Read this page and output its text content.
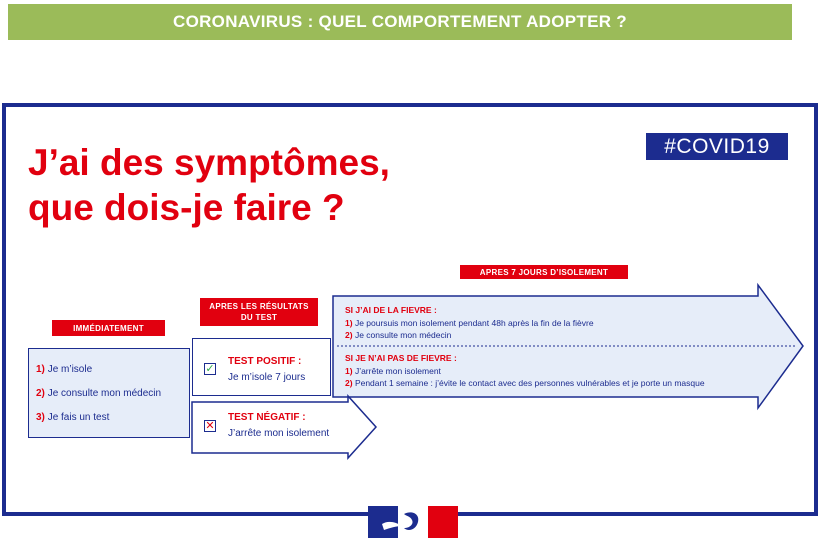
CORONAVIRUS : QUEL COMPORTEMENT ADOPTER ?
J’ai des symptômes,
que dois-je faire ?
#COVID19
IMMÉDIATEMENT
1) Je m’isole
2) Je consulte mon médecin
3) Je fais un test
APRES LES RÉSULTATS
DU TEST
✓
TEST POSITIF :
Je m’isole 7 jours
✕
TEST NÉGATIF :
J’arrête mon isolement
APRES 7 JOURS D’ISOLEMENT
SI J’AI DE LA FIEVRE :
1) Je poursuis mon isolement pendant 48h après la fin de la fièvre
2) Je consulte mon médecin
SI JE N’AI PAS DE FIEVRE :
1) J’arrête mon isolement
2) Pendant 1 semaine : j’évite le contact avec des personnes vulnérables et je porte un masque
